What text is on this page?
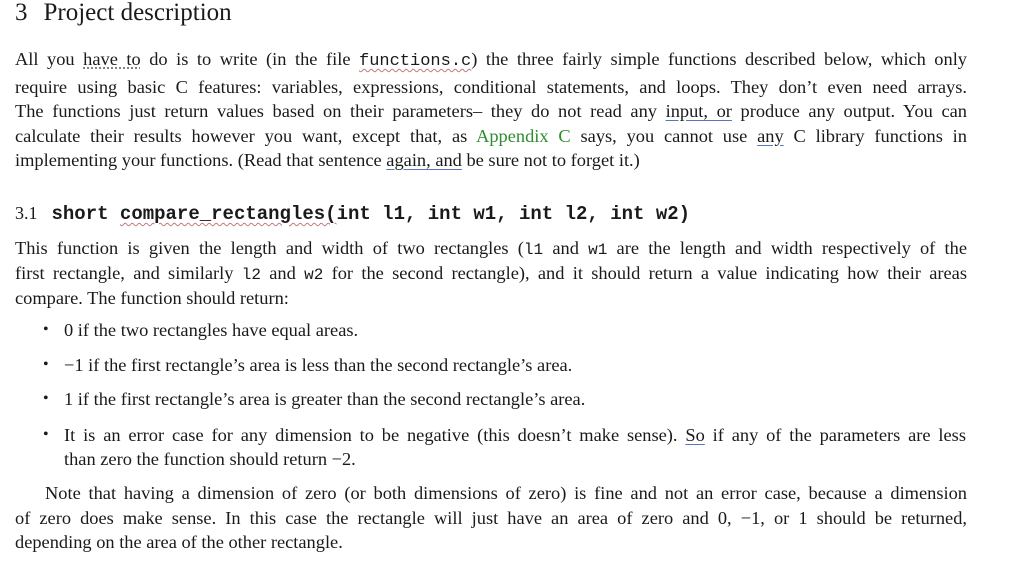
3 Project description
All you have to do is to write (in the file functions.c) the three fairly simple functions described below, which only
require using basic C features: variables, expressions, conditional statements, and loops. They don’t even need arrays.
The functions just return values based on their parameters– they do not read any input, or produce any output. You can
calculate their results however you want, except that, as Appendix C says, you cannot use any C library functions in
implementing your functions. (Read that sentence again, and be sure not to forget it.)
3.1 short compare_rectangles(int l1, int w1, int l2, int w2)
This function is given the length and width of two rectangles (l1 and w1 are the length and width respectively of the
first rectangle, and similarly l2 and w2 for the second rectangle), and it should return a value indicating how their areas
compare. The function should return:
• 0 if the two rectangles have equal areas.
• −1 if the first rectangle’s area is less than the second rectangle’s area.
• 1 if the first rectangle’s area is greater than the second rectangle’s area.
• It is an error case for any dimension to be negative (this doesn’t make sense). So if any of the parameters are less
than zero the function should return −2.
Note that having a dimension of zero (or both dimensions of zero) is fine and not an error case, because a dimension
of zero does make sense. In this case the rectangle will just have an area of zero and 0, −1, or 1 should be returned,
depending on the area of the other rectangle.
